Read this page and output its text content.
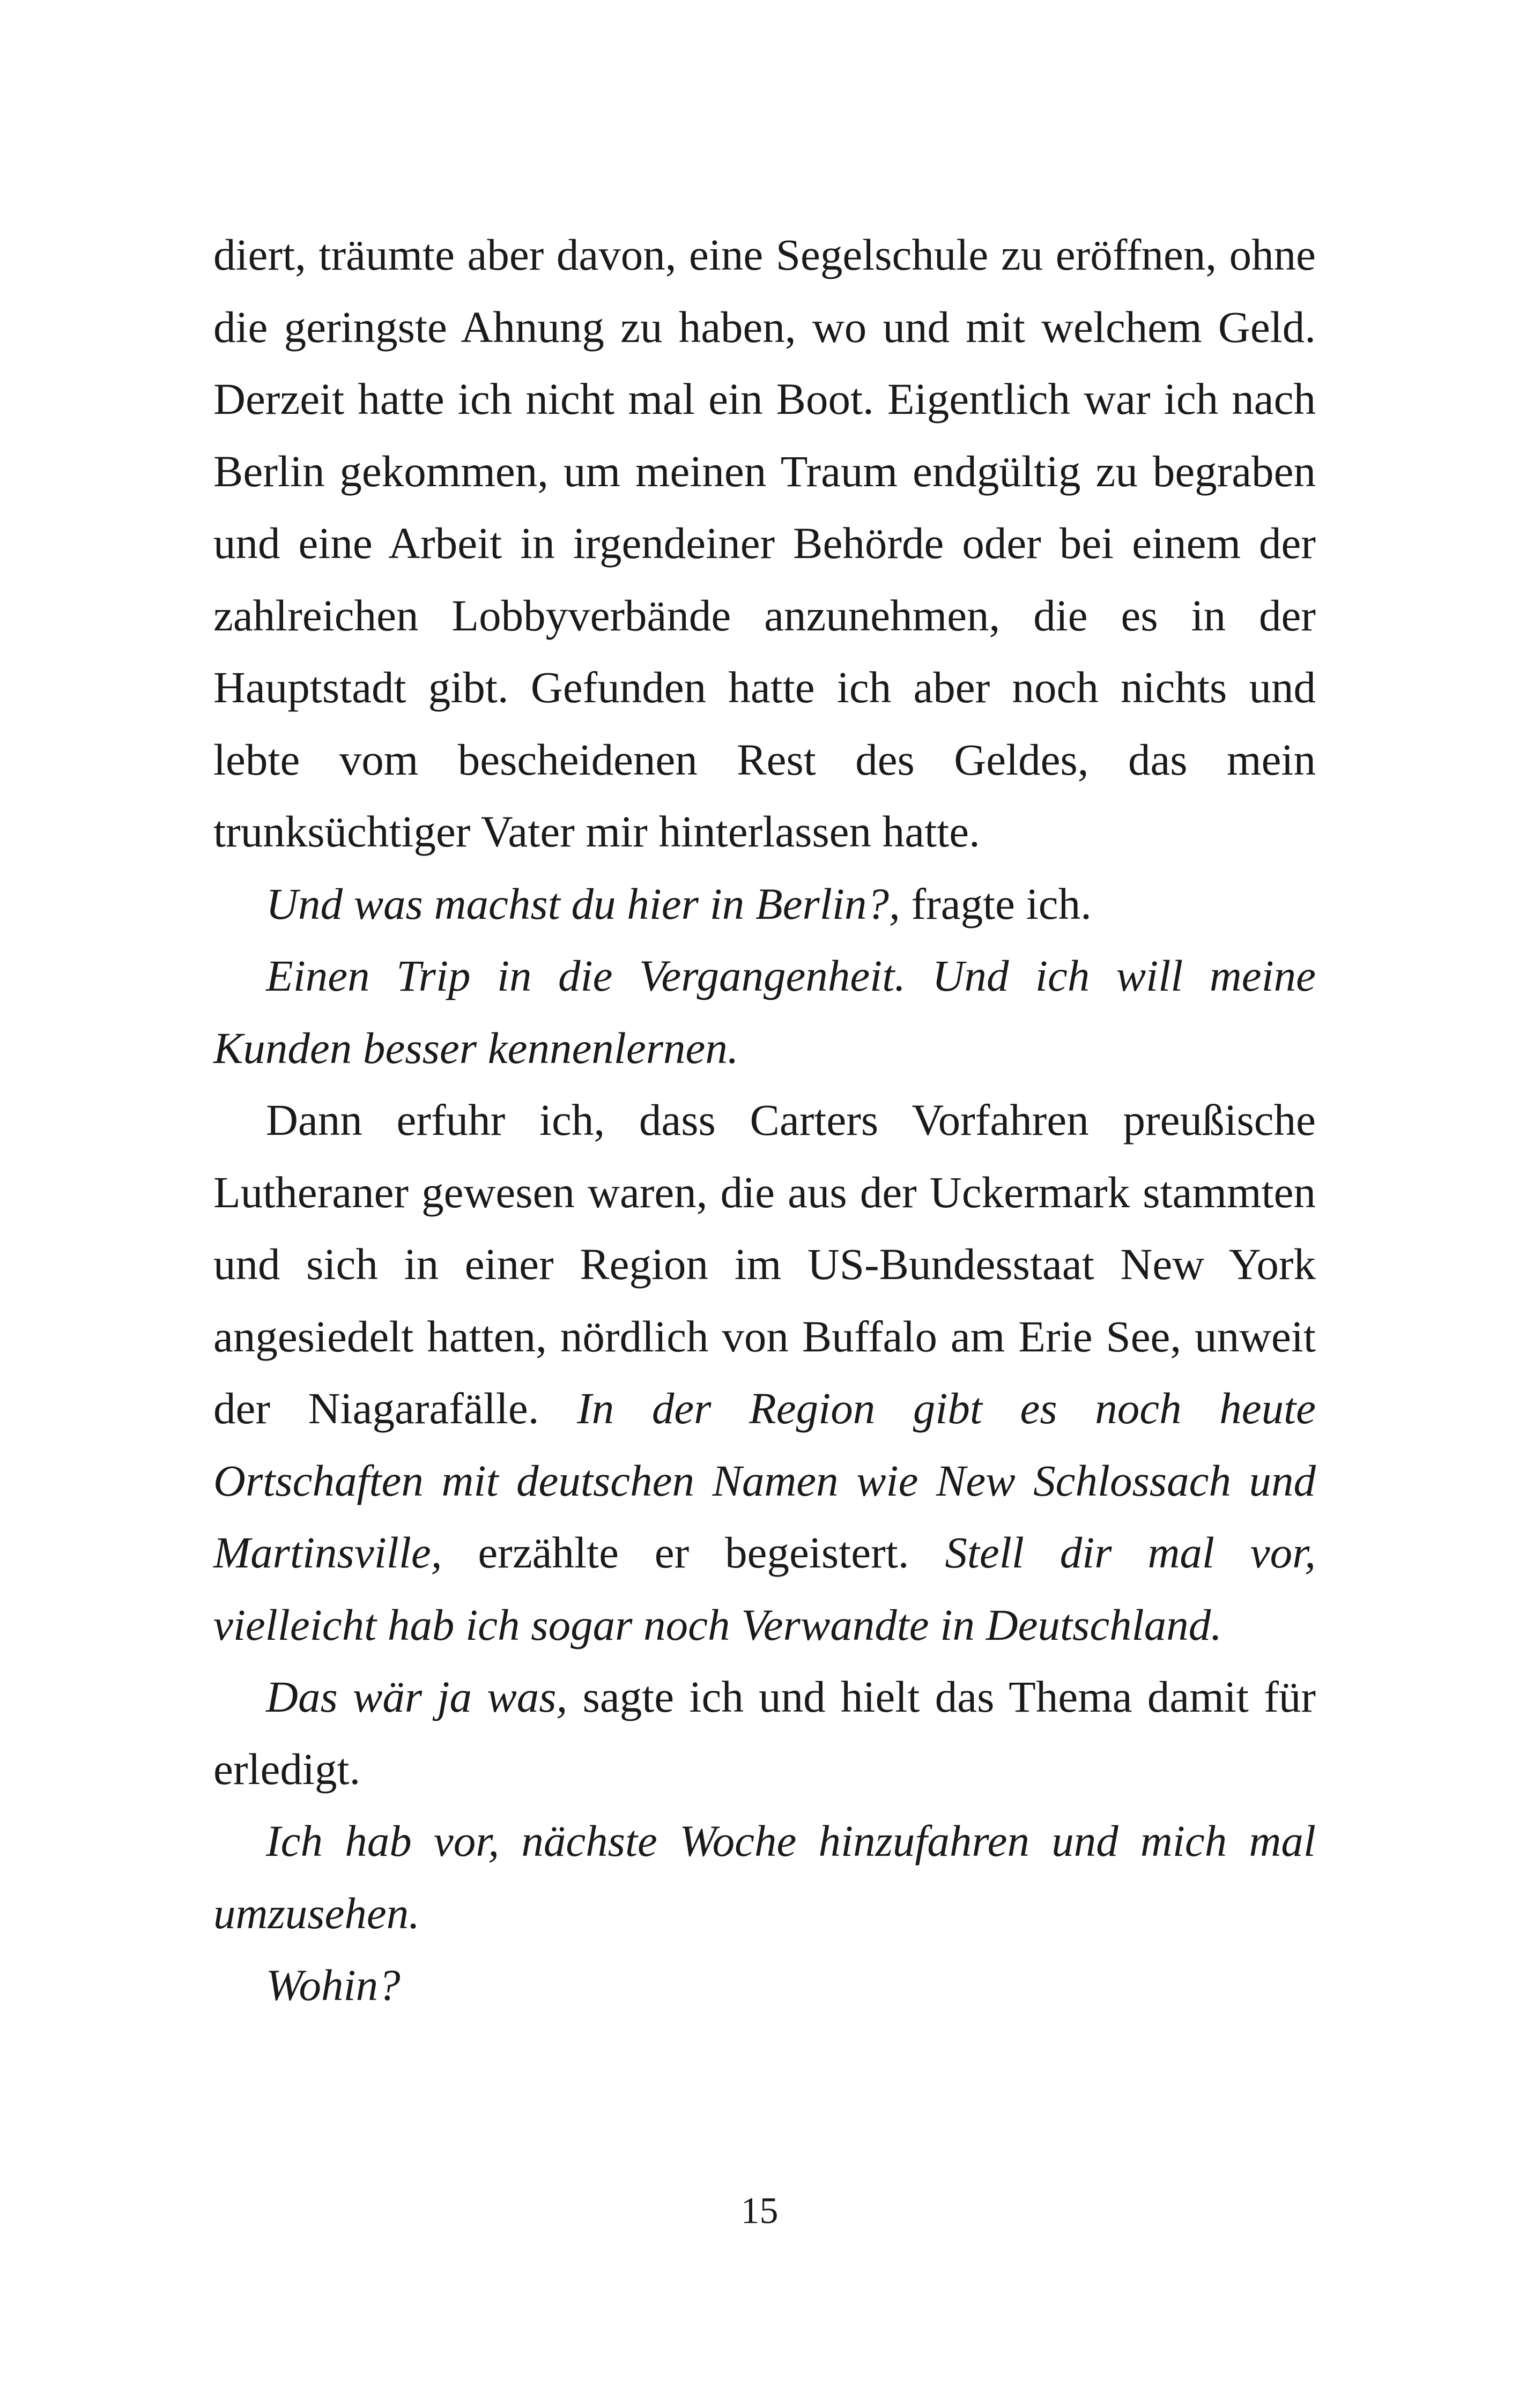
diert, träumte aber davon, eine Segelschule zu eröffnen, ohne die geringste Ahnung zu haben, wo und mit welchem Geld. Derzeit hatte ich nicht mal ein Boot. Eigentlich war ich nach Berlin gekommen, um meinen Traum endgültig zu begraben und eine Arbeit in irgendeiner Behörde oder bei einem der zahlreichen Lobbyverbände anzunehmen, die es in der Hauptstadt gibt. Gefunden hatte ich aber noch nichts und lebte vom bescheidenen Rest des Geldes, das mein trunksüchtiger Vater mir hinterlassen hatte.

Und was machst du hier in Berlin?, fragte ich.

Einen Trip in die Vergangenheit. Und ich will meine Kunden besser kennenlernen.

Dann erfuhr ich, dass Carters Vorfahren preußische Lutheraner gewesen waren, die aus der Uckermark stammten und sich in einer Region im US-Bundesstaat New York angesiedelt hatten, nördlich von Buffalo am Erie See, unweit der Niagarafälle. In der Region gibt es noch heute Ortschaften mit deutschen Namen wie New Schlossach und Martinsville, erzählte er begeistert. Stell dir mal vor, vielleicht hab ich sogar noch Verwandte in Deutschland.

Das wär ja was, sagte ich und hielt das Thema damit für erledigt.

Ich hab vor, nächste Woche hinzufahren und mich mal umzusehen.

Wohin?

15
